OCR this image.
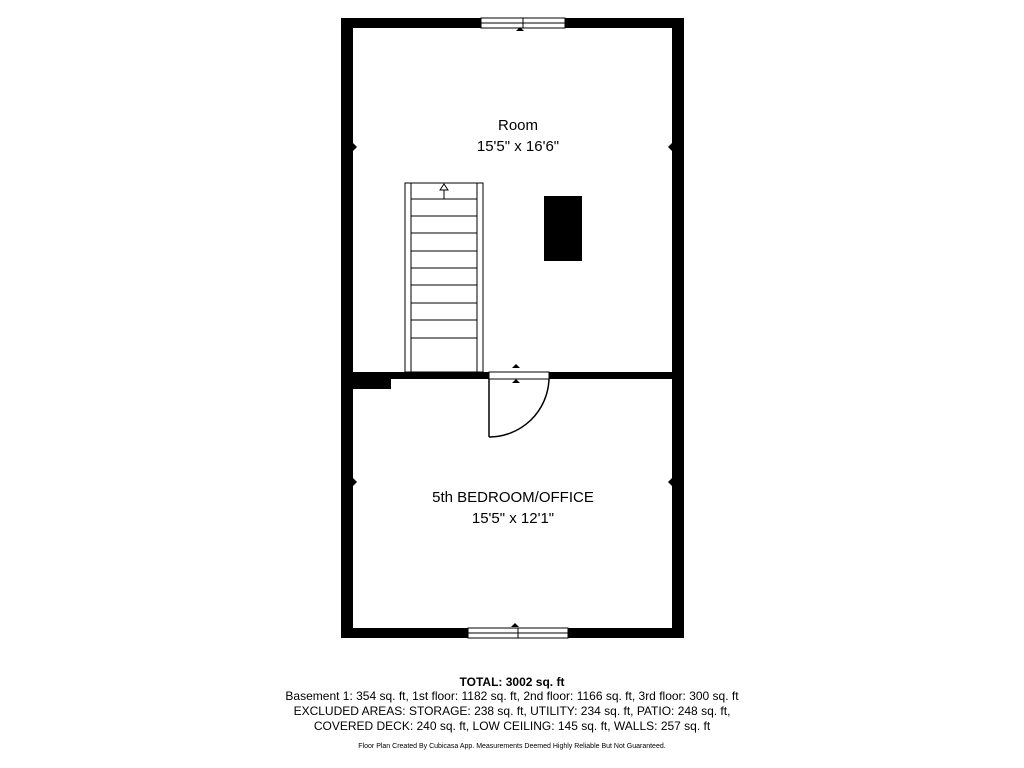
Room
15'5" x 16'6"
5th BEDROOM/OFFICE
15'5" x 12'1"
TOTAL: 3002 sq. ft
Basement 1: 354 sq. ft, 1st floor: 1182 sq. ft, 2nd floor: 1166 sq. ft, 3rd floor: 300 sq. ft
EXCLUDED AREAS: STORAGE: 238 sq. ft, UTILITY: 234 sq. ft, PATIO: 248 sq. ft,
COVERED DECK: 240 sq. ft, LOW CEILING: 145 sq. ft, WALLS: 257 sq. ft
Floor Plan Created By Cubicasa App. Measurements Deemed Highly Reliable But Not Guaranteed.
